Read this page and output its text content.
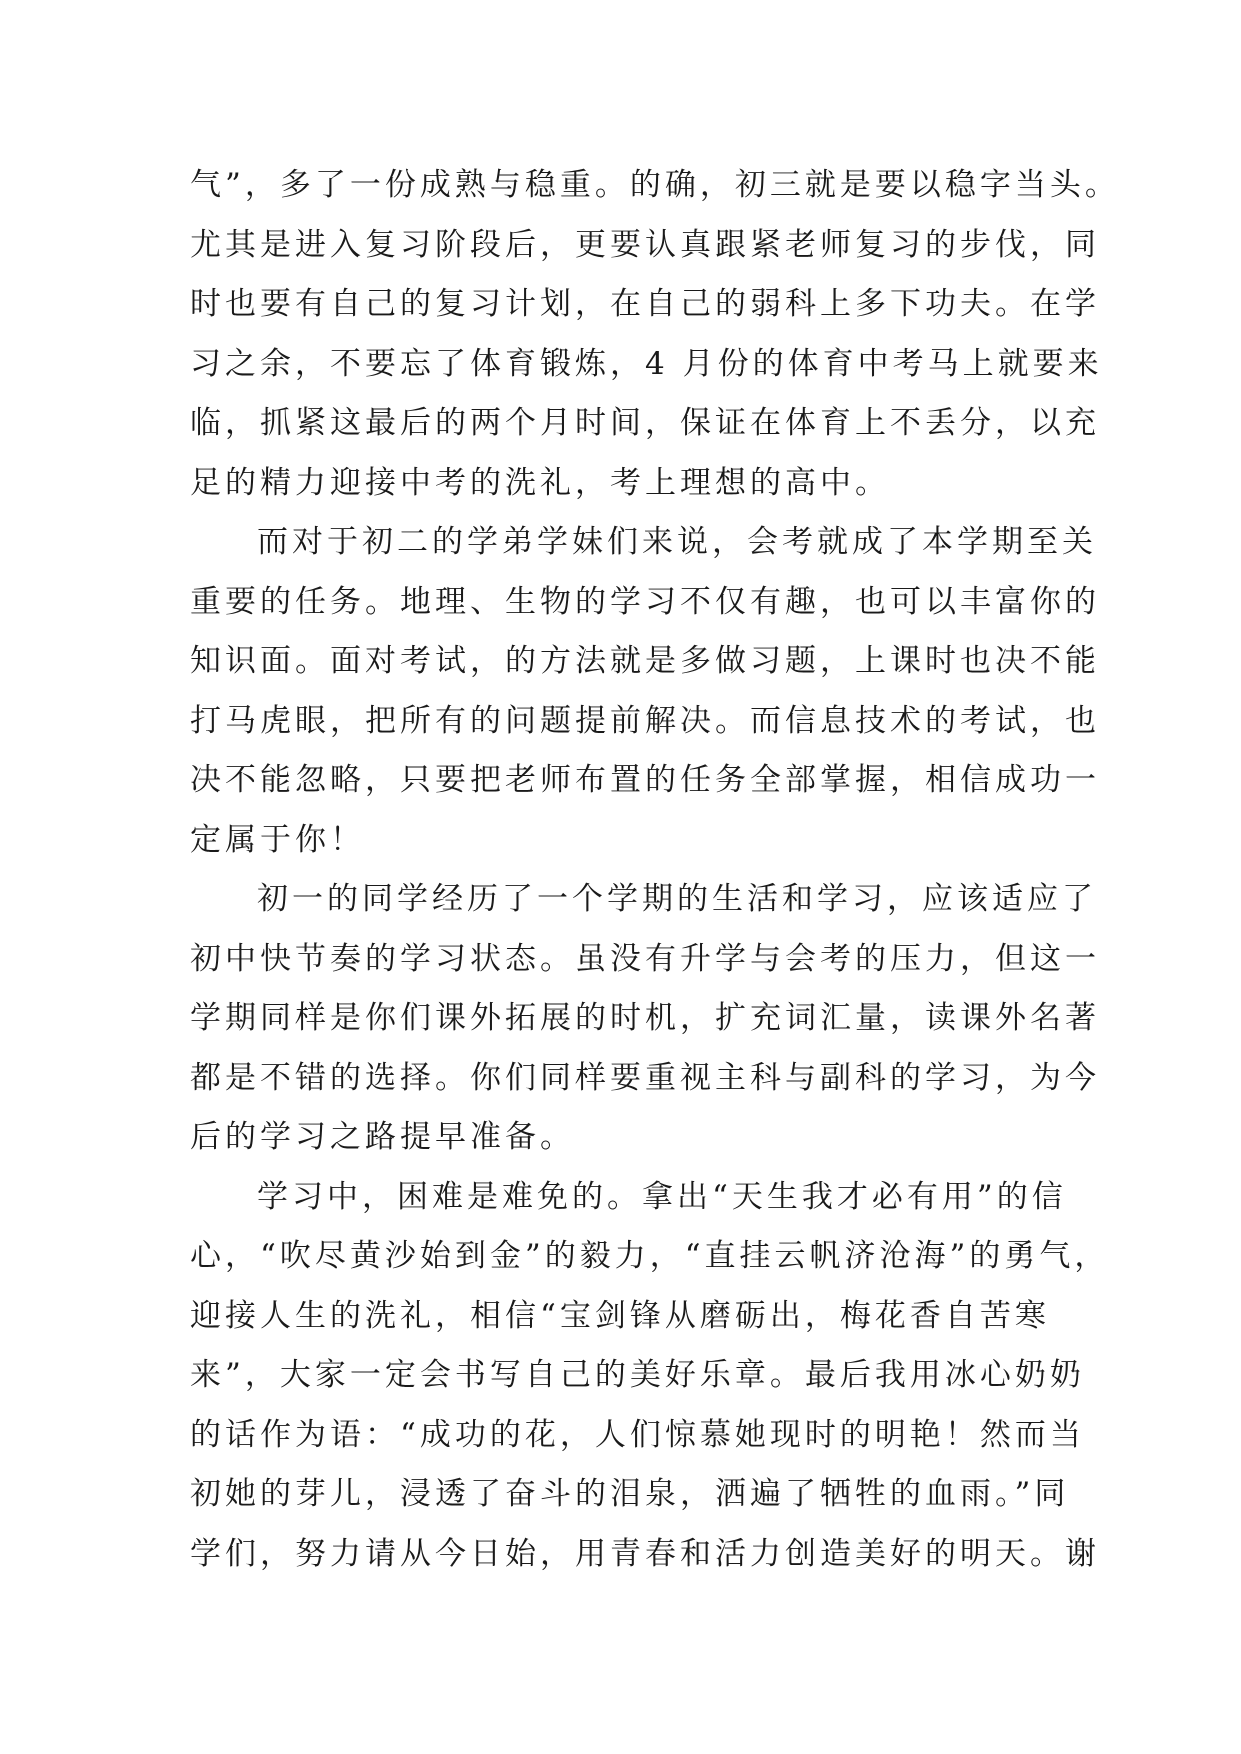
气”，多了一份成熟与稳重。的确，初三就是要以稳字当头。
尤其是进入复习阶段后，更要认真跟紧老师复习的步伐，同
时也要有自己的复习计划，在自己的弱科上多下功夫。在学
习之余，不要忘了体育锻炼，4 月份的体育中考马上就要来
临，抓紧这最后的两个月时间，保证在体育上不丢分，以充
足的精力迎接中考的洗礼，考上理想的高中。
而对于初二的学弟学妹们来说，会考就成了本学期至关
重要的任务。地理、生物的学习不仅有趣，也可以丰富你的
知识面。面对考试，的方法就是多做习题，上课时也决不能
打马虎眼，把所有的问题提前解决。而信息技术的考试，也
决不能忽略，只要把老师布置的任务全部掌握，相信成功一
定属于你！
初一的同学经历了一个学期的生活和学习，应该适应了
初中快节奏的学习状态。虽没有升学与会考的压力，但这一
学期同样是你们课外拓展的时机，扩充词汇量，读课外名著
都是不错的选择。你们同样要重视主科与副科的学习，为今
后的学习之路提早准备。
学习中，困难是难免的。拿出“天生我才必有用”的信
心，“吹尽黄沙始到金”的毅力，“直挂云帆济沧海”的勇气，
迎接人生的洗礼，相信“宝剑锋从磨砺出，梅花香自苦寒
来”，大家一定会书写自己的美好乐章。最后我用冰心奶奶
的话作为语：“成功的花，人们惊慕她现时的明艳！然而当
初她的芽儿，浸透了奋斗的泪泉，洒遍了牺牲的血雨。”同
学们，努力请从今日始，用青春和活力创造美好的明天。谢
